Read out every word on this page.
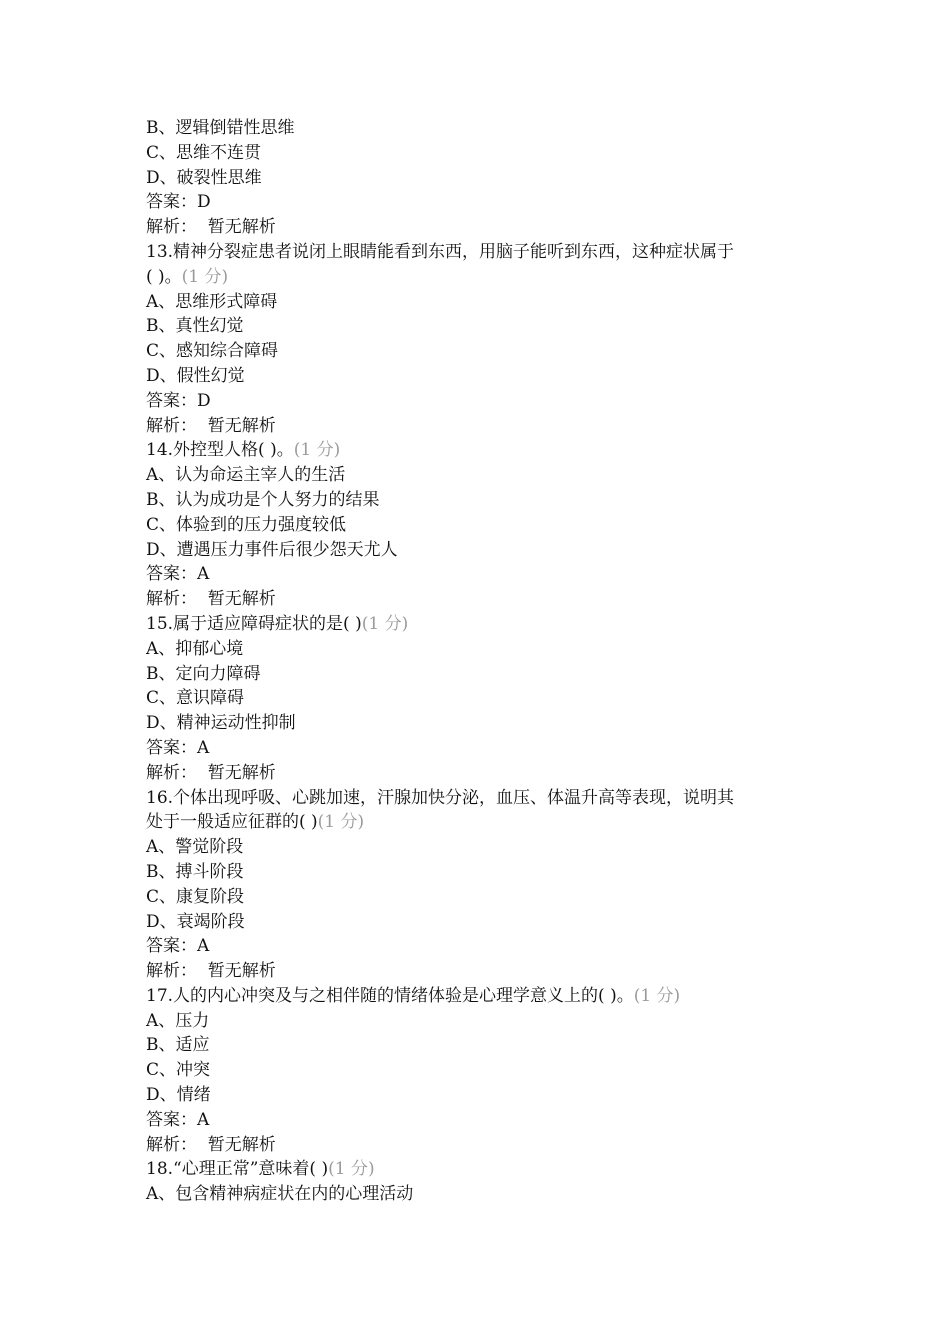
B、逻辑倒错性思维

C、思维不连贯

D、破裂性思维

答案：D

解析：  暂无解析

13.精神分裂症患者说闭上眼睛能看到东西，用脑子能听到东西，这种症状属于

( )。(1 分)

A、思维形式障碍

B、真性幻觉

C、感知综合障碍

D、假性幻觉

答案：D

解析：  暂无解析

14.外控型人格( )。(1 分)

A、认为命运主宰人的生活

B、认为成功是个人努力的结果

C、体验到的压力强度较低

D、遭遇压力事件后很少怨天尤人

答案：A

解析：  暂无解析

15.属于适应障碍症状的是( )(1 分)

A、抑郁心境

B、定向力障碍

C、意识障碍

D、精神运动性抑制

答案：A

解析：  暂无解析

16.个体出现呼吸、心跳加速，汗腺加快分泌，血压、体温升高等表现，说明其

处于一般适应征群的( )(1 分)

A、警觉阶段

B、搏斗阶段

C、康复阶段

D、衰竭阶段

答案：A

解析：  暂无解析

17.人的内心冲突及与之相伴随的情绪体验是心理学意义上的( )。(1 分)

A、压力

B、适应

C、冲突

D、情绪

答案：A

解析：  暂无解析

18.“心理正常”意味着( )(1 分)

A、包含精神病症状在内的心理活动
